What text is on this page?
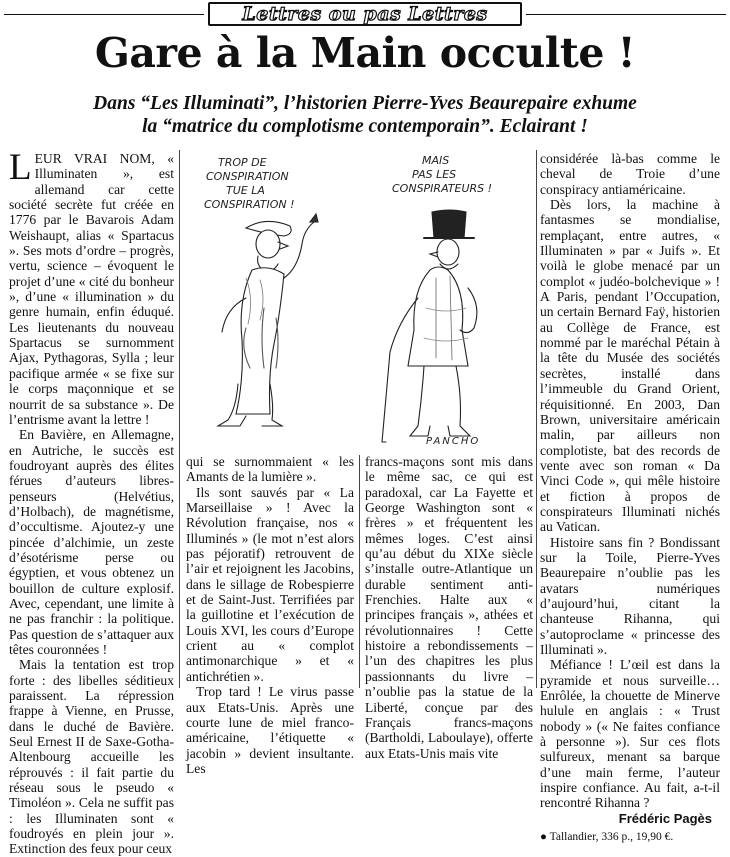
Lettres ou pas Lettres
Gare à la Main occulte !
Dans “Les Illuminati”, l’historien Pierre-Yves Beaurepaire exhume
la “matrice du complotisme contemporain”. Eclairant !

LEUR VRAI NOM, « Illuminaten », est allemand car cette société secrète fut créée en 1776 par le Bavarois Adam Weishaupt, alias « Spartacus ». Ses mots d’ordre – progrès, vertu, science – évoquent le projet d’une « cité du bonheur », d’une « illumination » du genre humain, enfin éduqué. Les lieutenants du nouveau Spartacus se surnomment Ajax, Pythagoras, Sylla ; leur pacifique armée « se fixe sur le corps maçonnique et se nourrit de sa substance ». De l’entrisme avant la lettre !

En Bavière, en Allemagne, en Autriche, le succès est foudroyant auprès des élites férues d’auteurs libres-penseurs (Helvétius, d’Holbach), de magnétisme, d’occultisme. Ajoutez-y une pincée d’alchimie, un zeste d’ésotérisme perse ou égyptien, et vous obtenez un bouillon de culture explosif. Avec, cependant, une limite à ne pas franchir : la politique. Pas question de s’attaquer aux têtes couronnées !

Mais la tentation est trop forte : des libelles séditieux paraissent. La répression frappe à Vienne, en Prusse, dans le duché de Bavière. Seul Ernest II de Saxe-Gotha-Altenbourg accueille les réprouvés : il fait partie du réseau sous le pseudo « Timoléon ». Cela ne suffit pas : les Illuminaten sont « foudroyés en plein jour ». Extinction des feux pour ceux

TROP DE
CONSPIRATION
TUE LA
CONSPIRATION !
MAIS
PAS LES
CONSPIRATEURS !
PANCHO

qui se surnommaient « les Amants de la lumière ».

Ils sont sauvés par « La Marseillaise » ! Avec la Révolution française, nos « Illuminés » (le mot n’est alors pas péjoratif) retrouvent de l’air et rejoignent les Jacobins, dans le sillage de Robespierre et de Saint-Just. Terrifiées par la guillotine et l’exécution de Louis XVI, les cours d’Europe crient au « complot antimonarchique » et « antichrétien ».

Trop tard ! Le virus passe aux Etats-Unis. Après une courte lune de miel franco-américaine, l’étiquette « jacobin » devient insultante. Les

francs-maçons sont mis dans le même sac, ce qui est paradoxal, car La Fayette et George Washington sont « frères » et fréquentent les mêmes loges. C’est ainsi qu’au début du XIXe siècle s’installe outre-Atlantique un durable sentiment anti-Frenchies. Halte aux « principes français », athées et révolutionnaires ! Cette histoire a rebondissements – l’un des chapitres les plus passionnants du livre – n’oublie pas la statue de la Liberté, conçue par des Français francs-maçons (Bartholdi, Laboulaye), offerte aux Etats-Unis mais vite

considérée là-bas comme le cheval de Troie d’une conspiracy antiaméricaine.

Dès lors, la machine à fantasmes se mondialise, remplaçant, entre autres, « Illuminaten » par « Juifs ». Et voilà le globe menacé par un complot « judéo-bolchevique » ! A Paris, pendant l’Occupation, un certain Bernard Faÿ, historien au Collège de France, est nommé par le maréchal Pétain à la tête du Musée des sociétés secrètes, installé dans l’immeuble du Grand Orient, réquisitionné. En 2003, Dan Brown, universitaire américain malin, par ailleurs non complotiste, bat des records de vente avec son roman « Da Vinci Code », qui mêle histoire et fiction à propos de conspirateurs Illuminati nichés au Vatican.

Histoire sans fin ? Bondissant sur la Toile, Pierre-Yves Beaurepaire n’oublie pas les avatars numériques d’aujourd’hui, citant la chanteuse Rihanna, qui s’autoproclame « princesse des Illuminati ».

Méfiance ! L’œil est dans la pyramide et nous surveille… Enrôlée, la chouette de Minerve hulule en anglais : « Trust nobody » (« Ne faites confiance à personne »). Sur ces flots sulfureux, menant sa barque d’une main ferme, l’auteur inspire confiance. Au fait, a-t-il rencontré Rihanna ?

Frédéric Pagès

● Tallandier, 336 p., 19,90 €.
